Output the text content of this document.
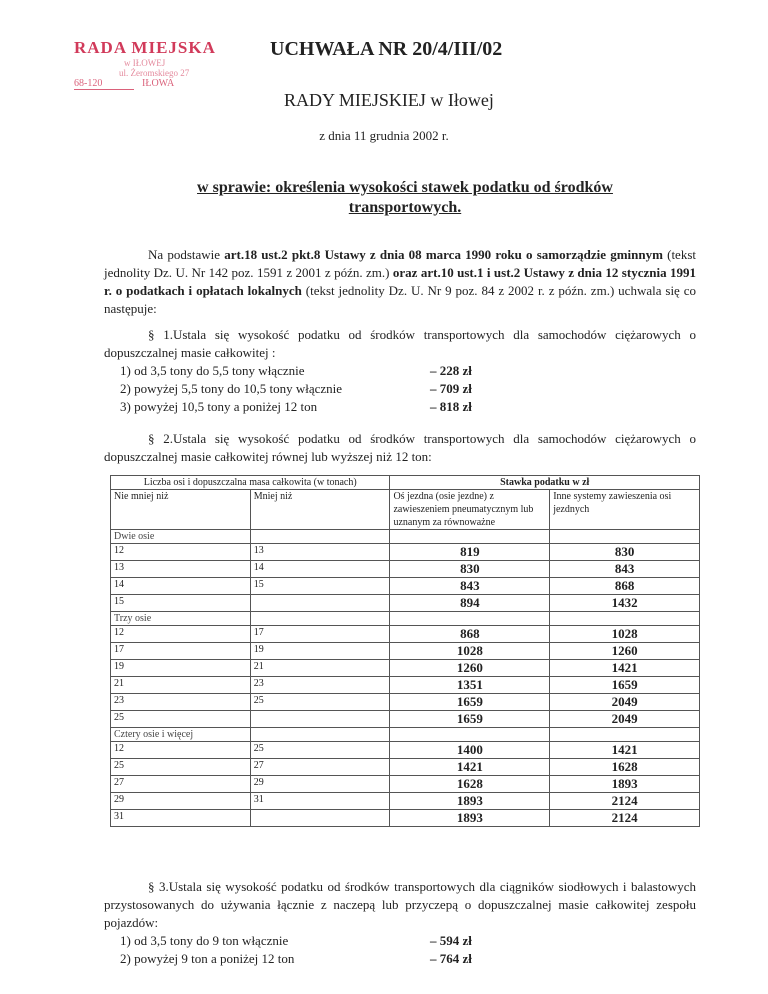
RADA MIEJSKA
w IŁOWEJ
ul. Żeromskiego 27
68-120	IŁOWA
UCHWAŁA NR 20/4/III/02
RADY MIEJSKIEJ w Iłowej
z dnia 11 grudnia 2002 r.
w sprawie: określenia wysokości stawek podatku od środków transportowych.
Na podstawie art.18 ust.2 pkt.8 Ustawy z dnia 08 marca 1990 roku o samorządzie gminnym (tekst jednolity Dz. U. Nr 142 poz. 1591 z 2001 z późn. zm.) oraz art.10 ust.1 i ust.2 Ustawy z dnia 12 stycznia 1991 r. o podatkach i opłatach lokalnych (tekst jednolity Dz. U. Nr 9 poz. 84 z 2002 r. z późn. zm.) uchwala się co następuje:
§ 1.Ustala się wysokość podatku od środków transportowych dla samochodów ciężarowych o dopuszczalnej masie całkowitej :
1) od 3,5 tony do 5,5 tony włącznie	– 228 zł
2) powyżej 5,5 tony do 10,5 tony włącznie	– 709 zł
3) powyżej 10,5 tony a poniżej 12 ton	– 818 zł
§ 2.Ustala się wysokość podatku od środków transportowych dla samochodów ciężarowych o dopuszczalnej masie całkowitej równej lub wyższej niż 12 ton:
Liczba osi i dopuszczalna masa całkowita (w tonach)		Stawka podatku w zł	
Nie mniej niż	Mniej niż	Oś jezdna (osie jezdne) z zawieszeniem pneumatycznym lub uznanym za równoważne	Inne systemy zawieszenia osi jezdnych
Dwie osie			
12	13	819	830
13	14	830	843
14	15	843	868
15		894	1432
Trzy osie			
12	17	868	1028
17	19	1028	1260
19	21	1260	1421
21	23	1351	1659
23	25	1659	2049
25		1659	2049
Cztery osie i więcej			
12	25	1400	1421
25	27	1421	1628
27	29	1628	1893
29	31	1893	2124
31		1893	2124
§ 3.Ustala się wysokość podatku od środków transportowych dla ciągników siodłowych i balastowych przystosowanych do używania łącznie z naczepą lub przyczepą o dopuszczalnej masie całkowitej zespołu pojazdów:
1) od 3,5 tony do 9 ton włącznie	– 594 zł
2) powyżej 9 ton a poniżej 12 ton	– 764 zł
